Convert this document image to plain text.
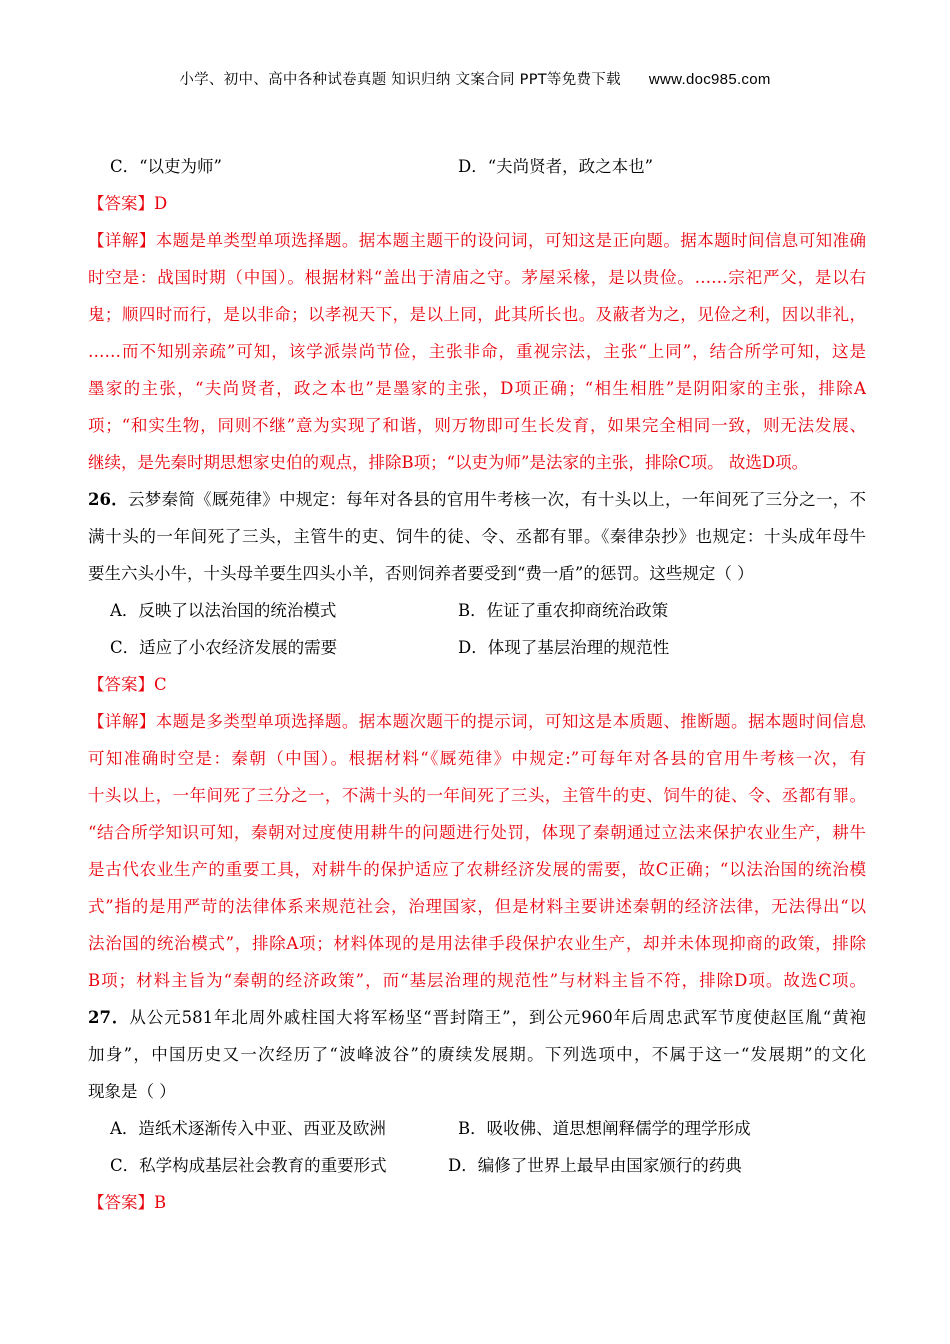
小学、初中、高中各种试卷真题 知识归纳 文案合同 PPT等免费下载 www.doc985.com
C．“以吏为师”	D．“夫尚贤者，政之本也”
【答案】D
【详解】本题是单类型单项选择题。据本题主题干的设问词，可知这是正向题。据本题时间信息可知准确
时空是：战国时期（中国）。根据材料“盖出于清庙之守。茅屋采椽，是以贵俭。……宗祀严父，是以右
鬼；顺四时而行，是以非命；以孝视天下，是以上同，此其所长也。及蔽者为之，见俭之利，因以非礼，
……而不知别亲疏”可知，该学派崇尚节俭，主张非命，重视宗法，主张“上同”，结合所学可知，这是
墨家的主张，“夫尚贤者，政之本也”是墨家的主张，D项正确；“相生相胜”是阴阳家的主张，排除A
项；“和实生物，同则不继”意为实现了和谐，则万物即可生长发育，如果完全相同一致，则无法发展、
继续，是先秦时期思想家史伯的观点，排除B项；“以吏为师”是法家的主张，排除C项。 故选D项。
26．云梦秦简《厩苑律》中规定：每年对各县的官用牛考核一次，有十头以上，一年间死了三分之一，不
满十头的一年间死了三头，主管牛的吏、饲牛的徒、令、丞都有罪。《秦律杂抄》也规定：十头成年母牛
要生六头小牛，十头母羊要生四头小羊，否则饲养者要受到“费一盾”的惩罚。这些规定（ ）
A．反映了以法治国的统治模式	B．佐证了重农抑商统治政策
C．适应了小农经济发展的需要	D．体现了基层治理的规范性
【答案】C
【详解】本题是多类型单项选择题。据本题次题干的提示词，可知这是本质题、推断题。据本题时间信息
可知准确时空是：秦朝（中国）。根据材料“《厩苑律》中规定:”可每年对各县的官用牛考核一次，有
十头以上，一年间死了三分之一，不满十头的一年间死了三头，主管牛的吏、饲牛的徒、令、丞都有罪。
“结合所学知识可知，秦朝对过度使用耕牛的问题进行处罚，体现了秦朝通过立法来保护农业生产，耕牛
是古代农业生产的重要工具，对耕牛的保护适应了农耕经济发展的需要，故C正确；“以法治国的统治模
式”指的是用严苛的法律体系来规范社会，治理国家，但是材料主要讲述秦朝的经济法律，无法得出“以
法治国的统治模式”，排除A项；材料体现的是用法律手段保护农业生产，却并未体现抑商的政策，排除
B项；材料主旨为“秦朝的经济政策”，而“基层治理的规范性”与材料主旨不符，排除D项。故选C项。
27．从公元581年北周外戚柱国大将军杨坚“晋封隋王”，到公元960年后周忠武军节度使赵匡胤“黄袍
加身”，中国历史又一次经历了“波峰波谷”的赓续发展期。下列选项中，不属于这一“发展期”的文化
现象是（ ）
A．造纸术逐渐传入中亚、西亚及欧洲	B．吸收佛、道思想阐释儒学的理学形成
C．私学构成基层社会教育的重要形式	D．编修了世界上最早由国家颁行的药典
【答案】B
